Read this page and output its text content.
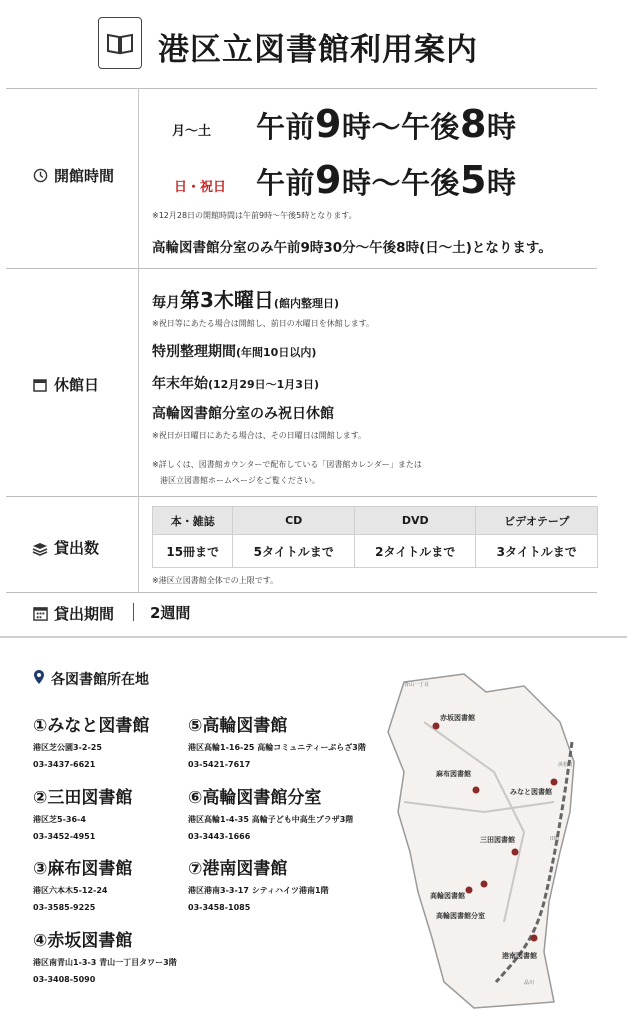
港区立図書館利用案内
開館時間
月～土 午前9時～午後8時
日・祝日 午前9時～午後5時
※12月28日の開館時間は午前9時～午後5時となります。
高輪図書館分室のみ午前9時30分～午後8時(日～土)となります。
休館日
毎月第3木曜日(館内整理日)
※祝日等にあたる場合は開館し、前日の水曜日を休館します。
特別整理期間(年間10日以内)
年末年始(12月29日～1月3日)
高輪図書館分室のみ祝日休館
※祝日が日曜日にあたる場合は、その日曜日は開館します。
※詳しくは、図書館カウンターで配布している「図書館カレンダー」または
　港区立図書館ホームページをご覧ください。
貸出数
本・雑誌	CD	DVD	ビデオテープ
15冊まで	5タイトルまで	2タイトルまで	3タイトルまで
※港区立図書館全体での上限です。
貸出期間 2週間
各図書館所在地
①みなと図書館
港区芝公園3-2-25
03-3437-6621
②三田図書館
港区芝5-36-4
03-3452-4951
③麻布図書館
港区六本木5-12-24
03-3585-9225
④赤坂図書館
港区南青山1-3-3 青山一丁目タワー3階
03-3408-5090
⑤高輪図書館
港区高輪1-16-25 高輪コミュニティーぷらざ3階
03-5421-7617
⑥高輪図書館分室
港区高輪1-4-35 高輪子ども中高生プラザ3階
03-3443-1666
⑦港南図書館
港区港南3-3-17 シティハイツ港南1階
03-3458-1085
赤坂図書館
麻布図書館
みなと図書館
三田図書館
高輪図書館
高輪図書館分室
港南図書館
青山一丁目
浜松町
田町
品川
